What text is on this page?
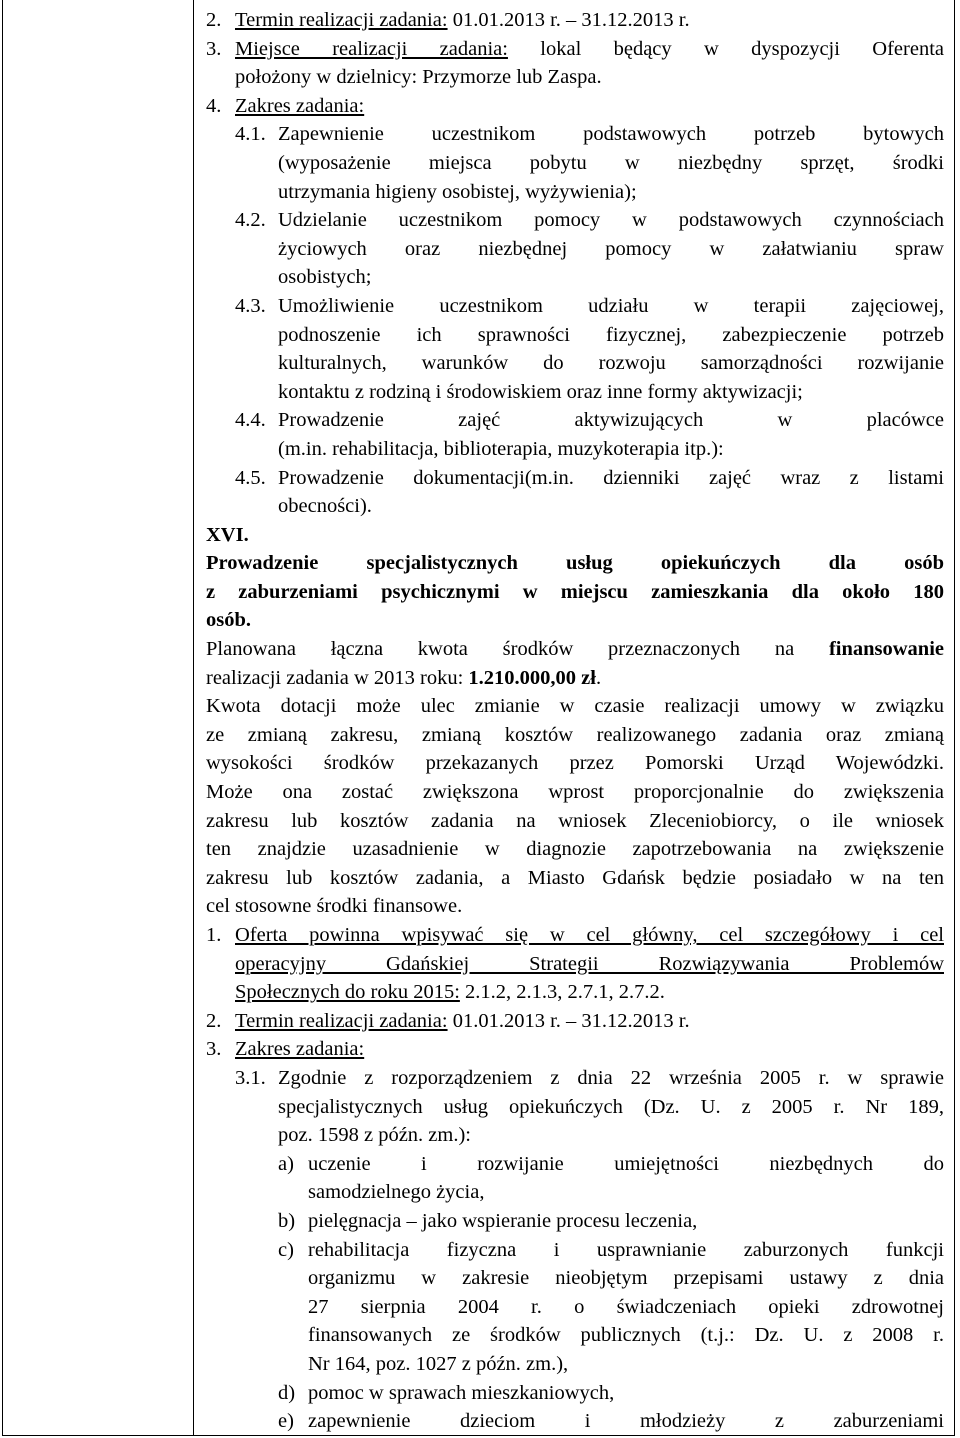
2. Termin realizacji zadania: 01.01.2013 r. – 31.12.2013 r.
3. Miejsce realizacji zadania: lokal będący w dyspozycji Oferenta
położony w dzielnicy: Przymorze lub Zaspa.
4. Zakres zadania:
4.1. Zapewnienie uczestnikom podstawowych potrzeb bytowych
(wyposażenie miejsca pobytu w niezbędny sprzęt, środki
utrzymania higieny osobistej, wyżywienia);
4.2. Udzielanie uczestnikom pomocy w podstawowych czynnościach
życiowych oraz niezbędnej pomocy w załatwianiu spraw
osobistych;
4.3. Umożliwienie uczestnikom udziału w terapii zajęciowej,
podnoszenie ich sprawności fizycznej, zabezpieczenie potrzeb
kulturalnych, warunków do rozwoju samorządności rozwijanie
kontaktu z rodziną i środowiskiem oraz inne formy aktywizacji;
4.4. Prowadzenie zajęć aktywizujących w placówce
(m.in. rehabilitacja, biblioterapia, muzykoterapia itp.):
4.5. Prowadzenie dokumentacji(m.in. dzienniki zajęć wraz z listami
obecności).
XVI.
Prowadzenie specjalistycznych usług opiekuńczych dla osób
z zaburzeniami psychicznymi w miejscu zamieszkania dla około 180
osób.
Planowana łączna kwota środków przeznaczonych na finansowanie
realizacji zadania w 2013 roku: 1.210.000,00 zł.
Kwota dotacji może ulec zmianie w czasie realizacji umowy w związku
ze zmianą zakresu, zmianą kosztów realizowanego zadania oraz zmianą
wysokości środków przekazanych przez Pomorski Urząd Wojewódzki.
Może ona zostać zwiększona wprost proporcjonalnie do zwiększenia
zakresu lub kosztów zadania na wniosek Zleceniobiorcy, o ile wniosek
ten znajdzie uzasadnienie w diagnozie zapotrzebowania na zwiększenie
zakresu lub kosztów zadania, a Miasto Gdańsk będzie posiadało w na ten
cel stosowne środki finansowe.
1. Oferta powinna wpisywać się w cel główny, cel szczegółowy i cel
operacyjny Gdańskiej Strategii Rozwiązywania Problemów
Społecznych do roku 2015: 2.1.2, 2.1.3, 2.7.1, 2.7.2.
2. Termin realizacji zadania: 01.01.2013 r. – 31.12.2013 r.
3. Zakres zadania:
3.1. Zgodnie z rozporządzeniem z dnia 22 września 2005 r. w sprawie
specjalistycznych usług opiekuńczych (Dz. U. z 2005 r. Nr 189,
poz. 1598 z późn. zm.):
a) uczenie i rozwijanie umiejętności niezbędnych do
samodzielnego życia,
b) pielęgnacja – jako wspieranie procesu leczenia,
c) rehabilitacja fizyczna i usprawnianie zaburzonych funkcji
organizmu w zakresie nieobjętym przepisami ustawy z dnia
27 sierpnia 2004 r. o świadczeniach opieki zdrowotnej
finansowanych ze środków publicznych (t.j.: Dz. U. z 2008 r.
Nr 164, poz. 1027 z późn. zm.),
d) pomoc w sprawach mieszkaniowych,
e) zapewnienie dzieciom i młodzieży z zaburzeniami
